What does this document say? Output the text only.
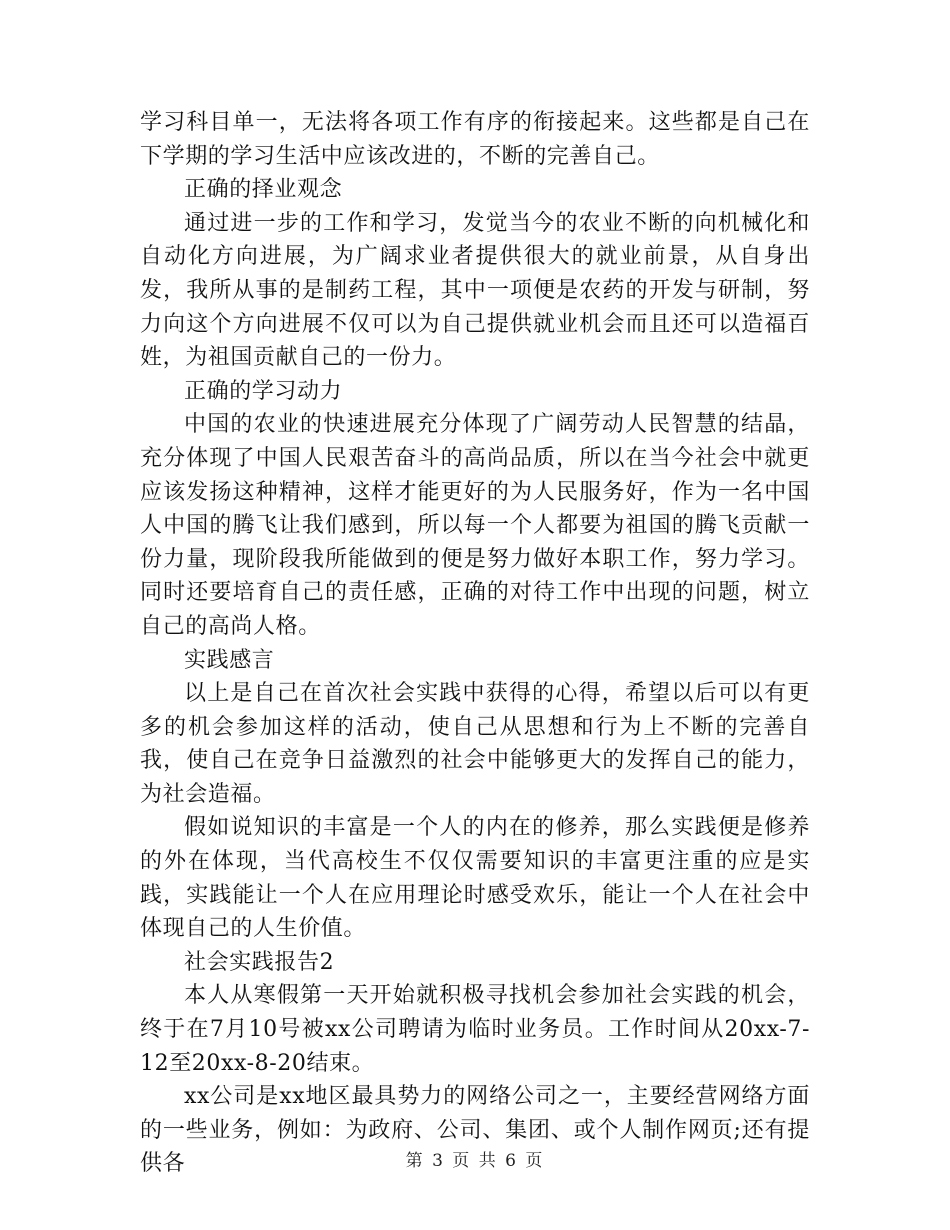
学习科目单一，无法将各项工作有序的衔接起来。这些都是自己在下学期的学习生活中应该改进的，不断的完善自己。

正确的择业观念

通过进一步的工作和学习，发觉当今的农业不断的向机械化和自动化方向进展，为广阔求业者提供很大的就业前景，从自身出发，我所从事的是制药工程，其中一项便是农药的开发与研制，努力向这个方向进展不仅可以为自己提供就业机会而且还可以造福百姓，为祖国贡献自己的一份力。

正确的学习动力

中国的农业的快速进展充分体现了广阔劳动人民智慧的结晶，充分体现了中国人民艰苦奋斗的高尚品质，所以在当今社会中就更应该发扬这种精神，这样才能更好的为人民服务好，作为一名中国人中国的腾飞让我们感到，所以每一个人都要为祖国的腾飞贡献一份力量，现阶段我所能做到的便是努力做好本职工作，努力学习。同时还要培育自己的责任感，正确的对待工作中出现的问题，树立自己的高尚人格。

实践感言

以上是自己在首次社会实践中获得的心得，希望以后可以有更多的机会参加这样的活动，使自己从思想和行为上不断的完善自我，使自己在竞争日益激烈的社会中能够更大的发挥自己的能力，为社会造福。

假如说知识的丰富是一个人的内在的修养，那么实践便是修养的外在体现，当代高校生不仅仅需要知识的丰富更注重的应是实践，实践能让一个人在应用理论时感受欢乐，能让一个人在社会中体现自己的人生价值。

社会实践报告2

本人从寒假第一天开始就积极寻找机会参加社会实践的机会，终于在7月10号被xx公司聘请为临时业务员。工作时间从20xx-7-12至20xx-8-20结束。

xx公司是xx地区最具势力的网络公司之一，主要经营网络方面的一些业务，例如：为政府、公司、集团、或个人制作网页;还有提供各	第 3 页 共 6 页
